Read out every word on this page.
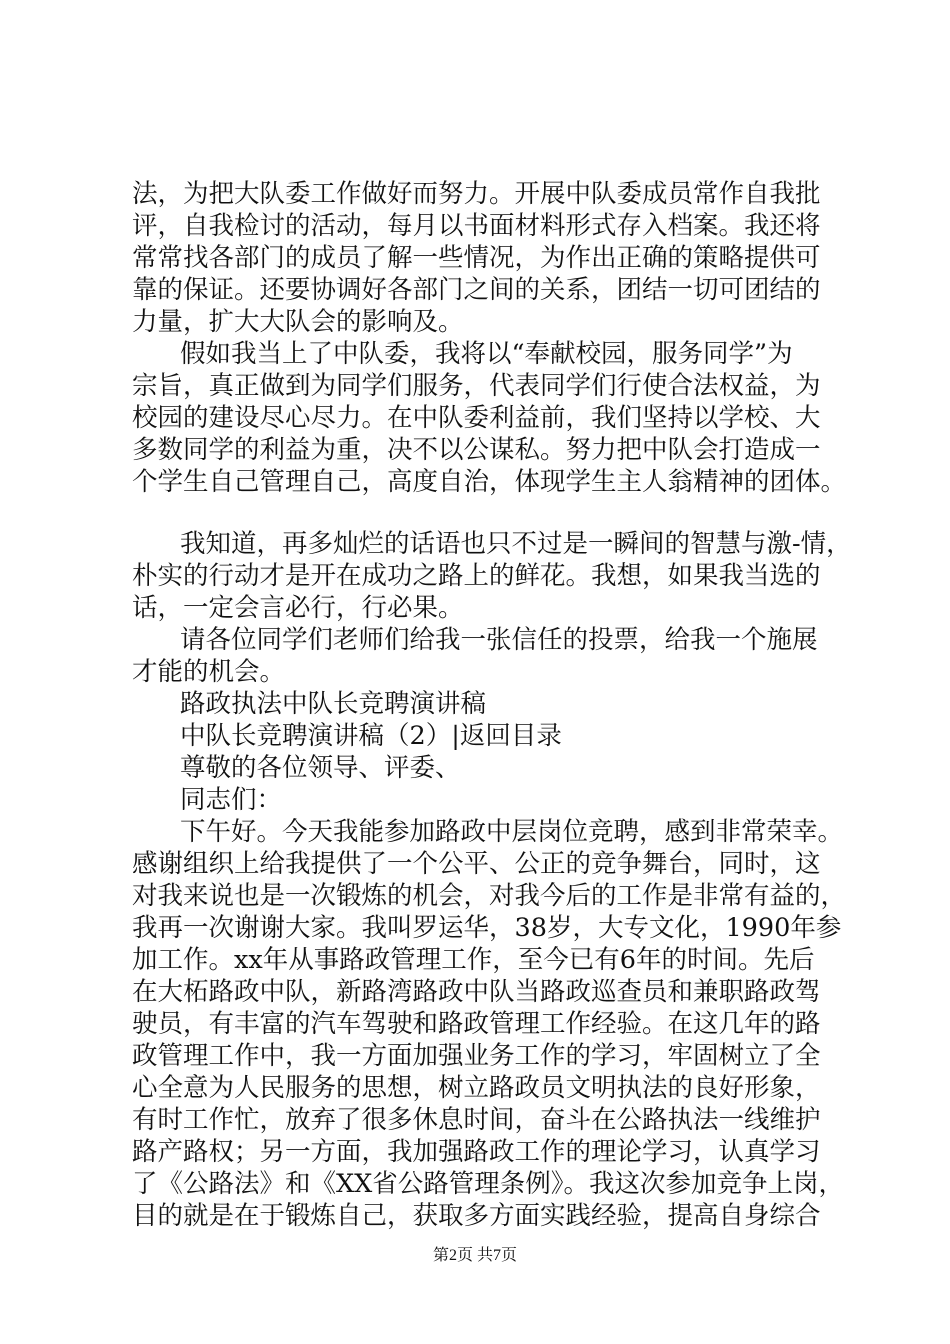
法，为把大队委工作做好而努力。开展中队委成员常作自我批
评，自我检讨的活动，每月以书面材料形式存入档案。我还将
常常找各部门的成员了解一些情况，为作出正确的策略提供可
靠的保证。还要协调好各部门之间的关系，团结一切可团结的
力量，扩大大队会的影响及。
假如我当上了中队委，我将以“奉献校园，服务同学”为
宗旨，真正做到为同学们服务，代表同学们行使合法权益，为
校园的建设尽心尽力。在中队委利益前，我们坚持以学校、大
多数同学的利益为重，决不以公谋私。努力把中队会打造成一
个学生自己管理自己，高度自治，体现学生主人翁精神的团体。
我知道，再多灿烂的话语也只不过是一瞬间的智慧与激-情，
朴实的行动才是开在成功之路上的鲜花。我想，如果我当选的
话，一定会言必行，行必果。
请各位同学们老师们给我一张信任的投票，给我一个施展
才能的机会。
路政执法中队长竞聘演讲稿
中队长竞聘演讲稿（2）|返回目录
尊敬的各位领导、评委、
同志们：
下午好。今天我能参加路政中层岗位竞聘，感到非常荣幸。
感谢组织上给我提供了一个公平、公正的竞争舞台，同时，这
对我来说也是一次锻炼的机会，对我今后的工作是非常有益的，
我再一次谢谢大家。我叫罗运华，38岁，大专文化，1990年参
加工作。xx年从事路政管理工作，至今已有6年的时间。先后
在大柘路政中队，新路湾路政中队当路政巡查员和兼职路政驾
驶员，有丰富的汽车驾驶和路政管理工作经验。在这几年的路
政管理工作中，我一方面加强业务工作的学习，牢固树立了全
心全意为人民服务的思想，树立路政员文明执法的良好形象，
有时工作忙，放弃了很多休息时间，奋斗在公路执法一线维护
路产路权；另一方面，我加强路政工作的理论学习，认真学习
了《公路法》和《XX省公路管理条例》。我这次参加竞争上岗，
目的就是在于锻炼自己，获取多方面实践经验，提高自身综合
第2页 共7页
